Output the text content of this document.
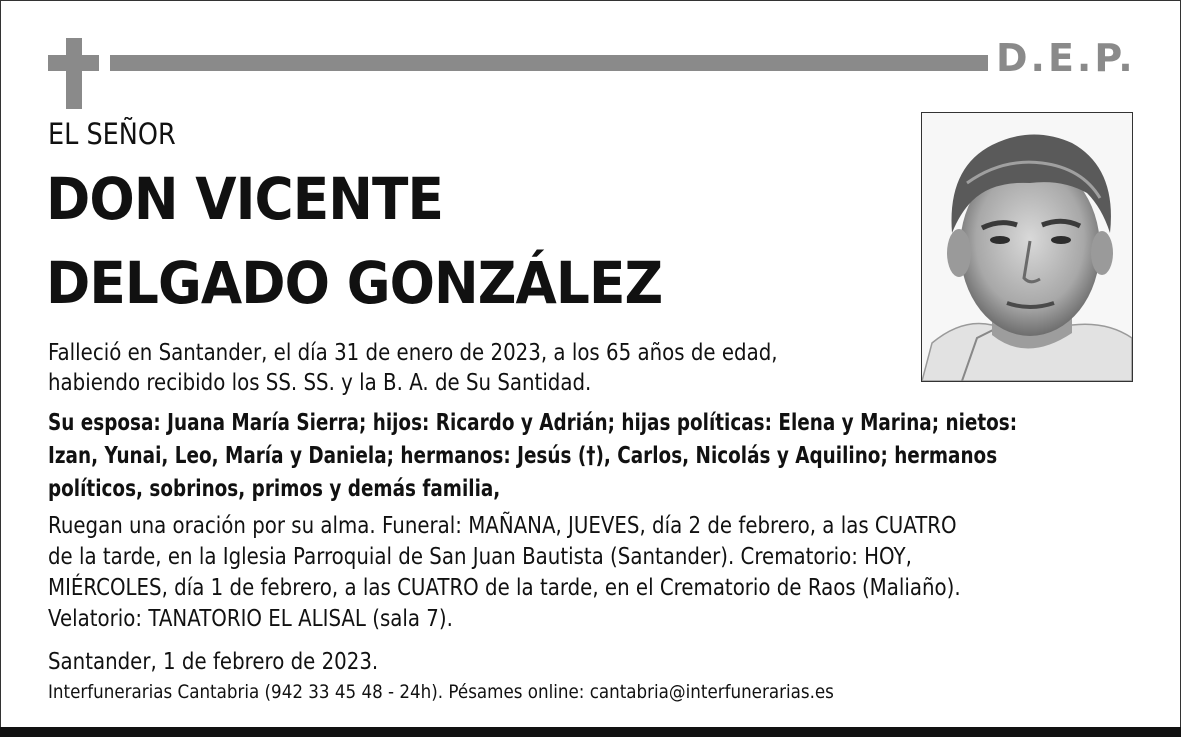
D.E.P.
EL SEÑOR
DON VICENTE
DELGADO GONZÁLEZ
Falleció en Santander, el día 31 de enero de 2023, a los 65 años de edad,
habiendo recibido los SS. SS. y la B. A. de Su Santidad.
Su esposa: Juana María Sierra; hijos: Ricardo y Adrián; hijas políticas: Elena y Marina; nietos:
Izan, Yunai, Leo, María y Daniela; hermanos: Jesús (†), Carlos, Nicolás y Aquilino; hermanos
políticos, sobrinos, primos y demás familia,
Ruegan una oración por su alma. Funeral: MAÑANA, JUEVES, día 2 de febrero, a las CUATRO
de la tarde, en la Iglesia Parroquial de San Juan Bautista (Santander). Crematorio: HOY,
MIÉRCOLES, día 1 de febrero, a las CUATRO de la tarde, en el Crematorio de Raos (Maliaño).
Velatorio: TANATORIO EL ALISAL (sala 7).
Santander, 1 de febrero de 2023.
Interfunerarias Cantabria (942 33 45 48 - 24h). Pésames online: cantabria@interfunerarias.es
